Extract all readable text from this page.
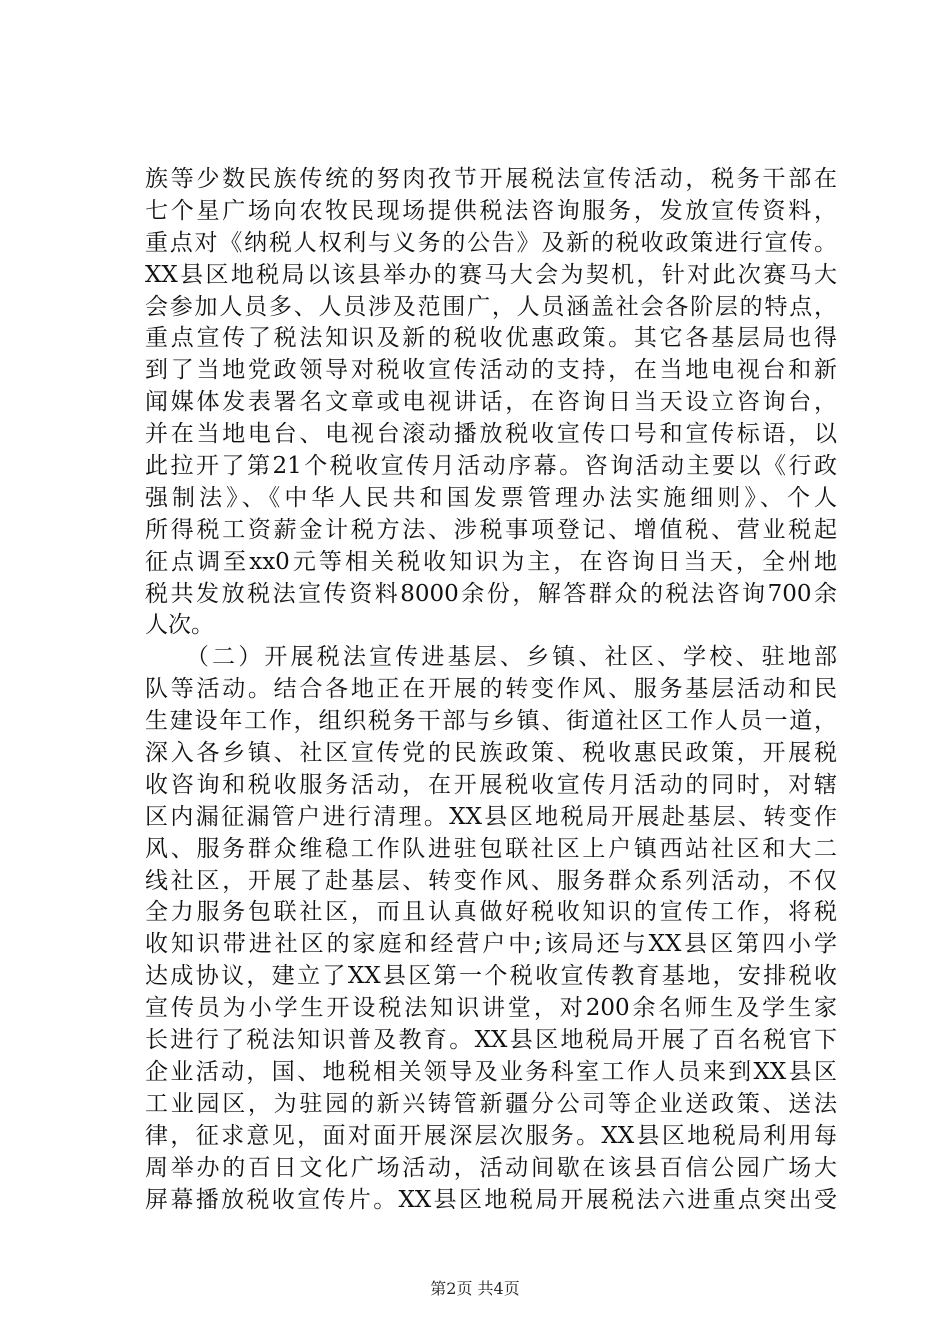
族等少数民族传统的努肉孜节开展税法宣传活动，税务干部在
七个星广场向农牧民现场提供税法咨询服务，发放宣传资料，
重点对《纳税人权利与义务的公告》及新的税收政策进行宣传。
XX县区地税局以该县举办的赛马大会为契机，针对此次赛马大
会参加人员多、人员涉及范围广，人员涵盖社会各阶层的特点，
重点宣传了税法知识及新的税收优惠政策。其它各基层局也得
到了当地党政领导对税收宣传活动的支持，在当地电视台和新
闻媒体发表署名文章或电视讲话，在咨询日当天设立咨询台，
并在当地电台、电视台滚动播放税收宣传口号和宣传标语，以
此拉开了第21个税收宣传月活动序幕。咨询活动主要以《行政
强制法》、《中华人民共和国发票管理办法实施细则》、个人
所得税工资薪金计税方法、涉税事项登记、增值税、营业税起
征点调至xx0元等相关税收知识为主，在咨询日当天，全州地
税共发放税法宣传资料8000余份，解答群众的税法咨询700余
人次。
　　（二）开展税法宣传进基层、乡镇、社区、学校、驻地部
队等活动。结合各地正在开展的转变作风、服务基层活动和民
生建设年工作，组织税务干部与乡镇、街道社区工作人员一道，
深入各乡镇、社区宣传党的民族政策、税收惠民政策，开展税
收咨询和税收服务活动，在开展税收宣传月活动的同时，对辖
区内漏征漏管户进行清理。XX县区地税局开展赴基层、转变作
风、服务群众维稳工作队进驻包联社区上户镇西站社区和大二
线社区，开展了赴基层、转变作风、服务群众系列活动，不仅
全力服务包联社区，而且认真做好税收知识的宣传工作，将税
收知识带进社区的家庭和经营户中;该局还与XX县区第四小学
达成协议，建立了XX县区第一个税收宣传教育基地，安排税收
宣传员为小学生开设税法知识讲堂，对200余名师生及学生家
长进行了税法知识普及教育。XX县区地税局开展了百名税官下
企业活动，国、地税相关领导及业务科室工作人员来到XX县区
工业园区，为驻园的新兴铸管新疆分公司等企业送政策、送法
律，征求意见，面对面开展深层次服务。XX县区地税局利用每
周举办的百日文化广场活动，活动间歇在该县百信公园广场大
屏幕播放税收宣传片。XX县区地税局开展税法六进重点突出受
第2页 共4页
